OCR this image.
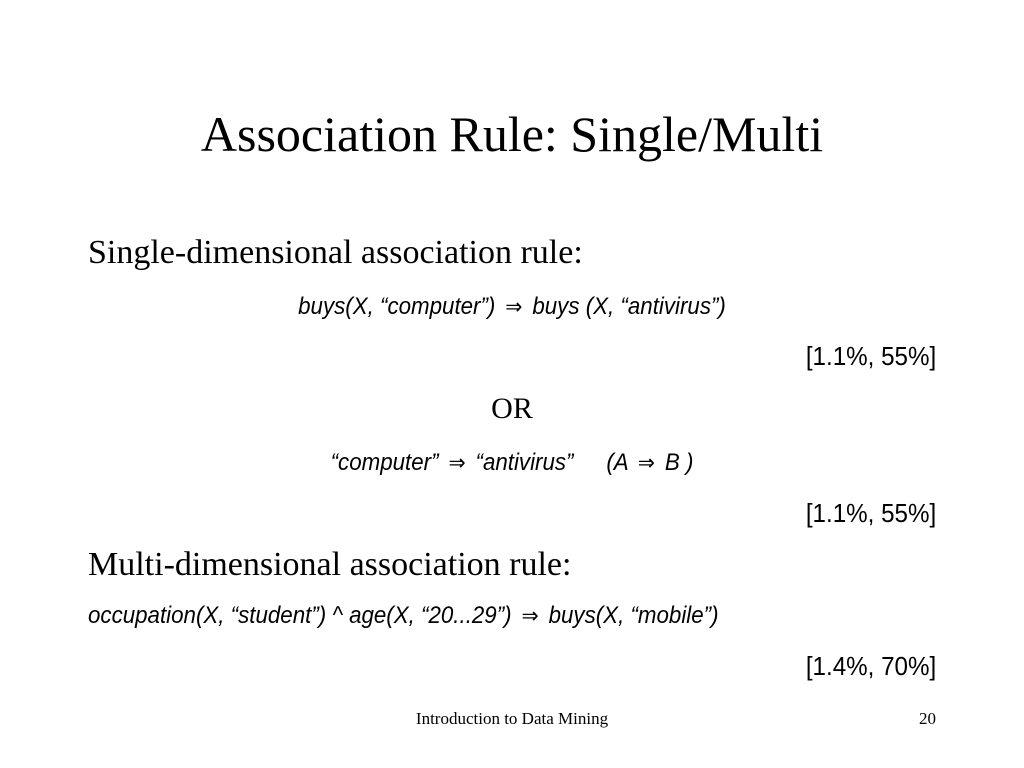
Association Rule: Single/Multi
Single-dimensional association rule:
buys(X, “computer”) ⇒ buys (X, “antivirus”)
[1.1%, 55%]
OR
“computer” ⇒ “antivirus” (A ⇒ B )
[1.1%, 55%]
Multi-dimensional association rule:
occupation(X, “student”) ^ age(X, “20...29”) ⇒ buys(X, “mobile”)
[1.4%, 70%]
Introduction to Data Mining	20
